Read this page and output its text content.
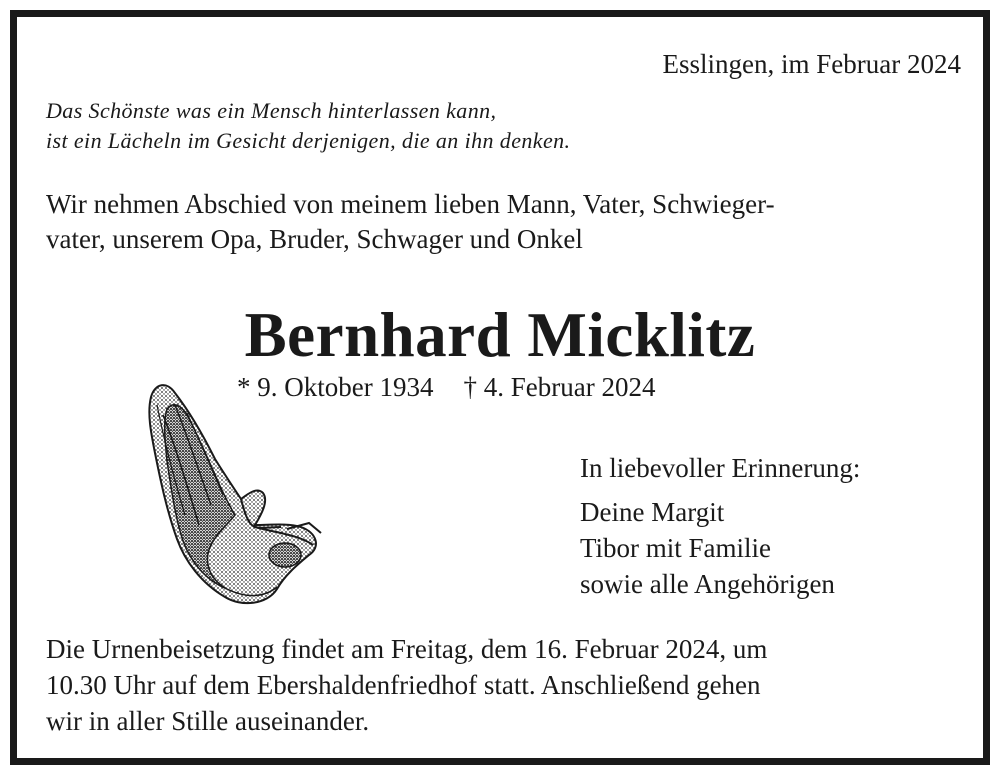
Esslingen, im Februar 2024
Das Schönste was ein Mensch hinterlassen kann,
ist ein Lächeln im Gesicht derjenigen, die an ihn denken.
Wir nehmen Abschied von meinem lieben Mann, Vater, Schwieger-
vater, unserem Opa, Bruder, Schwager und Onkel
Bernhard Micklitz
* 9. Oktober 1934 † 4. Februar 2024
In liebevoller Erinnerung:
Deine Margit
Tibor mit Familie
sowie alle Angehörigen
Die Urnenbeisetzung findet am Freitag, dem 16. Februar 2024, um
10.30 Uhr auf dem Ebershaldenfriedhof statt. Anschließend gehen
wir in aller Stille auseinander.
